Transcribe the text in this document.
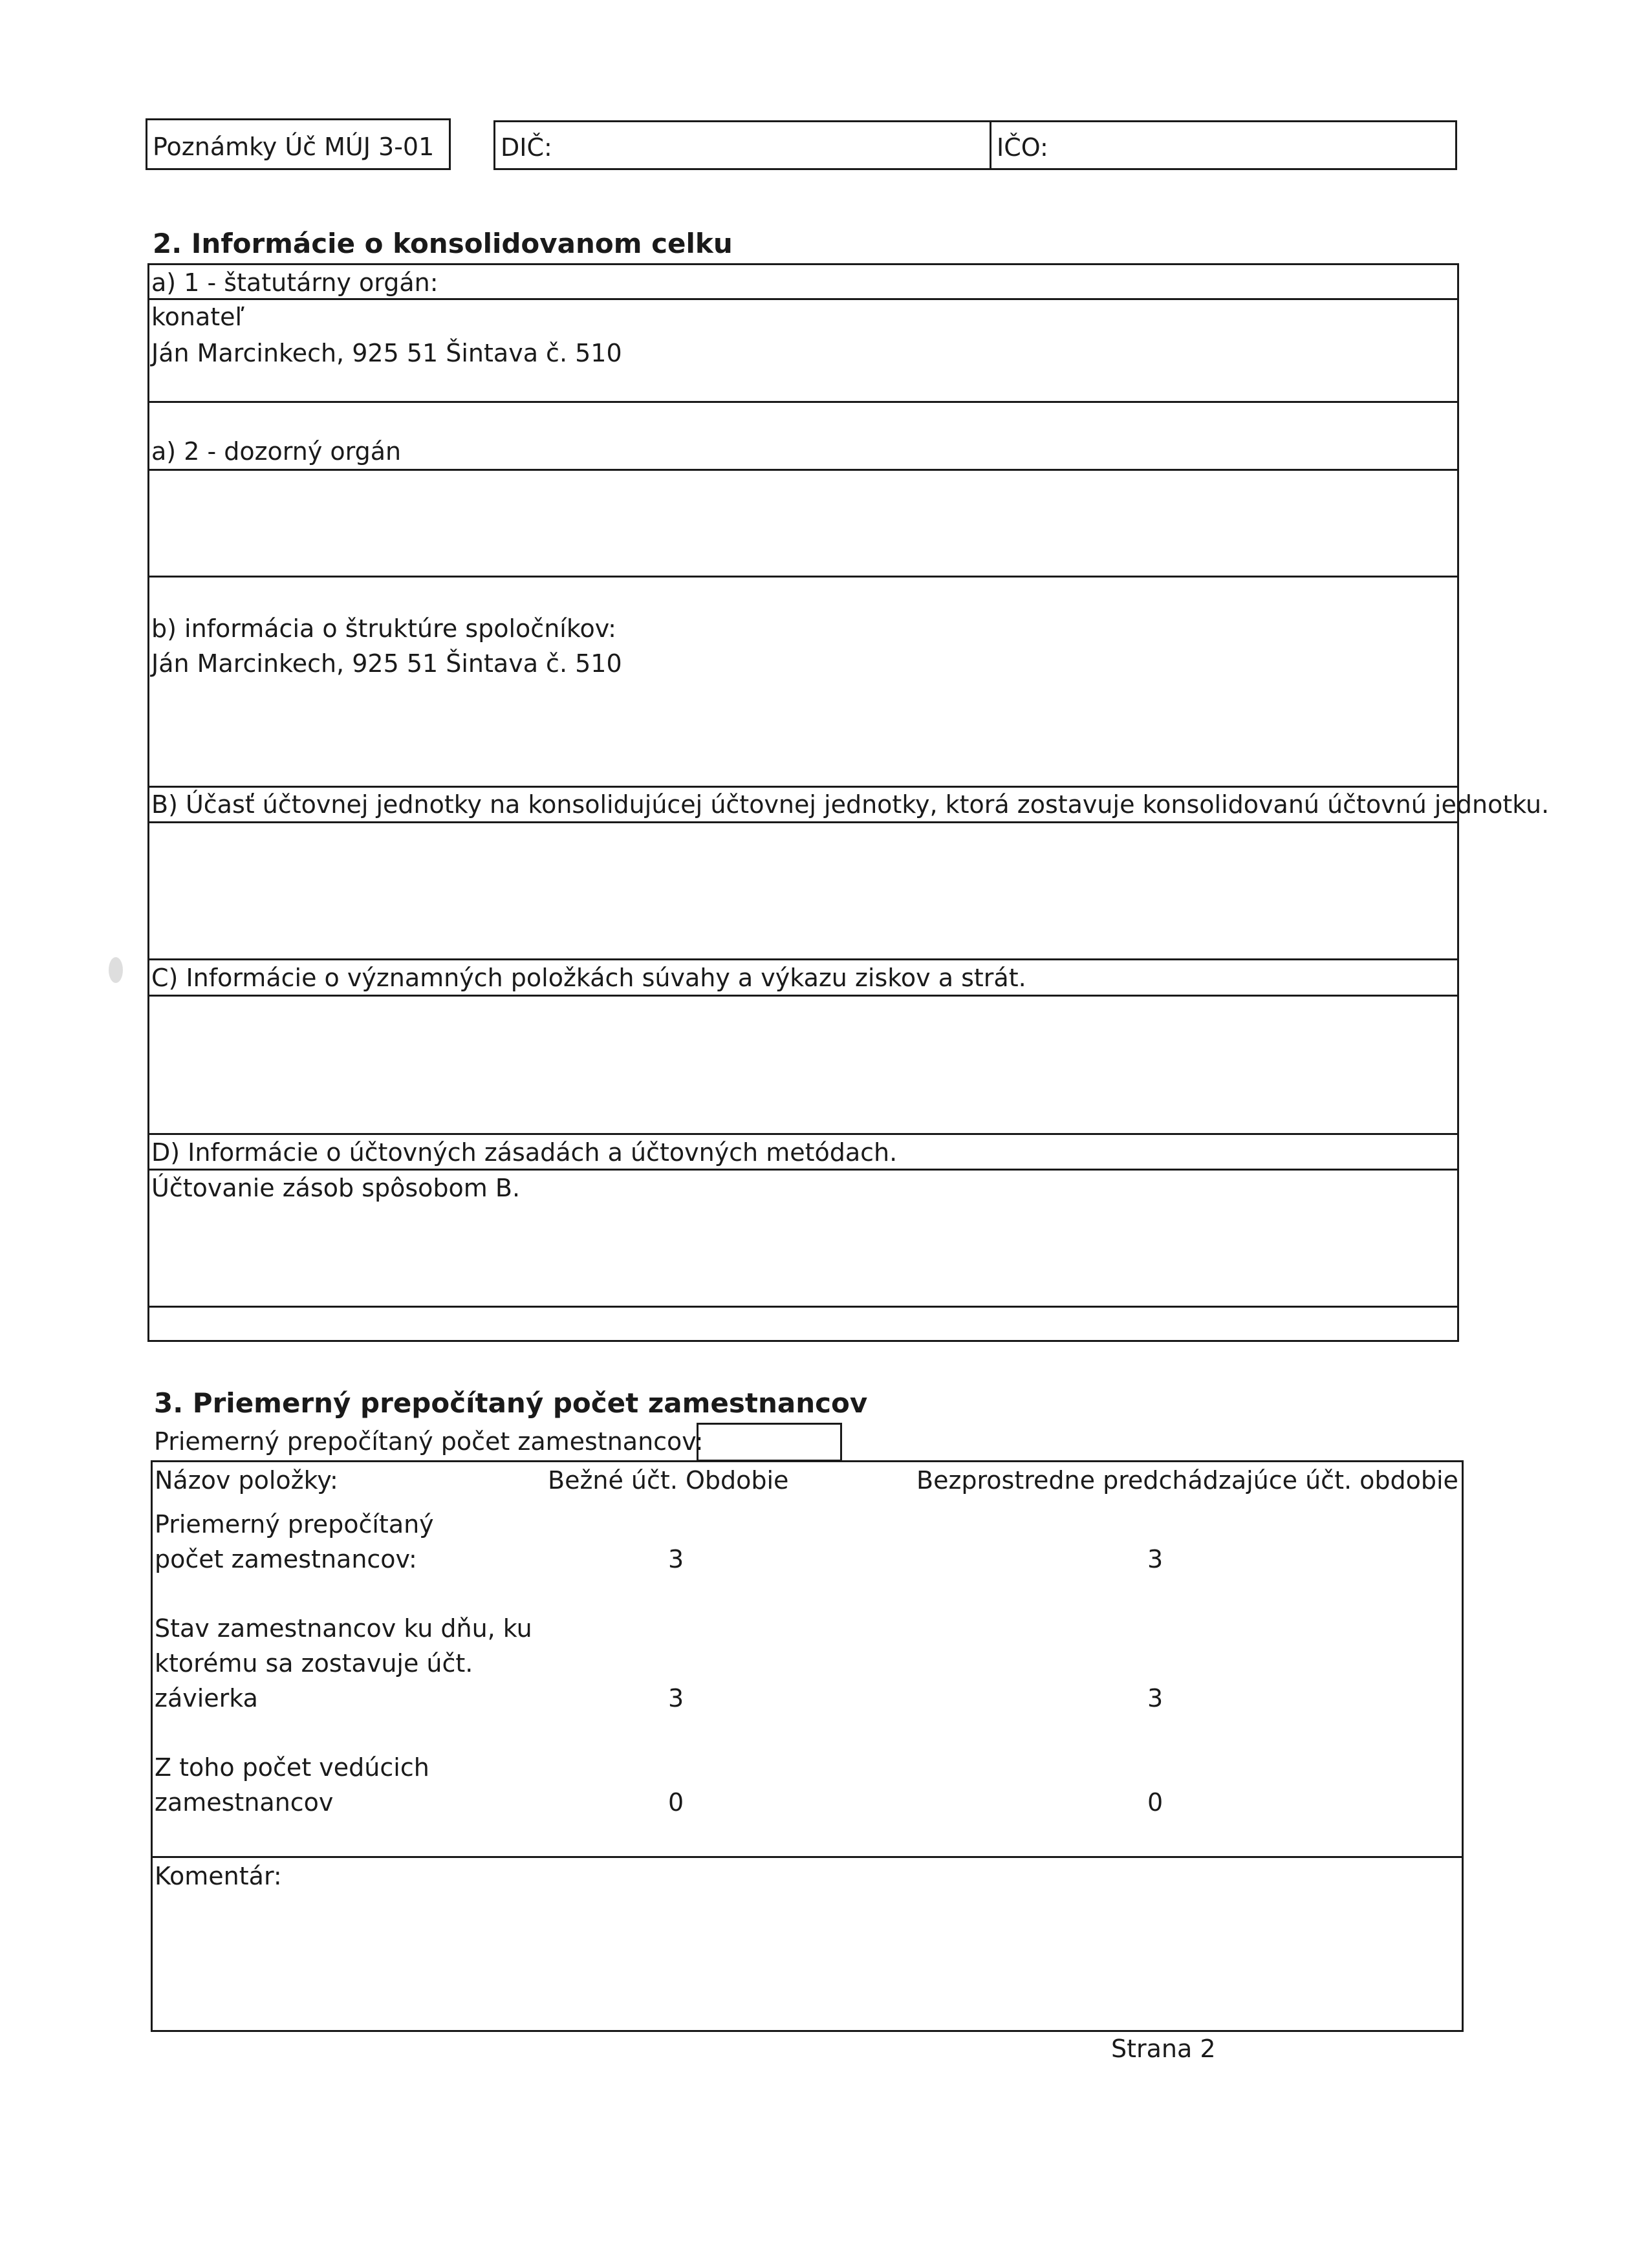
Poznámky Úč MÚJ 3-01	DIČ:	IČO:
2. Informácie o konsolidovanom celku
a) 1 - štatutárny orgán:
konateľ
Ján Marcinkech, 925 51 Šintava č. 510
a) 2 - dozorný orgán
b) informácia o štruktúre spoločníkov:
Ján Marcinkech, 925 51 Šintava č. 510
B) Účasť účtovnej jednotky na konsolidujúcej účtovnej jednotky, ktorá zostavuje konsolidovanú účtovnú jednotku.
C) Informácie o významných položkách súvahy a výkazu ziskov a strát.
D) Informácie o účtovných zásadách a účtovných metódach.
Účtovanie zásob spôsobom B.
3. Priemerný prepočítaný počet zamestnancov
Priemerný prepočítaný počet zamestnancov:
Názov položky:	Bežné účt. Obdobie	Bezprostredne predchádzajúce účt. obdobie
Priemerný prepočítaný
počet zamestnancov:	3	3
Stav zamestnancov ku dňu, ku
ktorému sa zostavuje účt.
závierka	3	3
Z toho počet vedúcich
zamestnancov	0	0
Komentár:
Strana 2
